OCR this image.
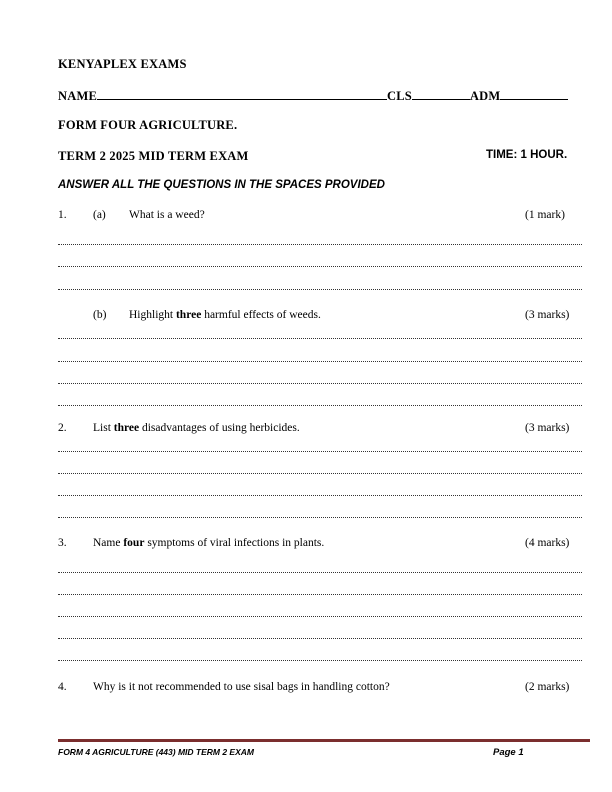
KENYAPLEX EXAMS
NAME	CLS	ADM
FORM FOUR AGRICULTURE.
TERM 2 2025 MID TERM EXAM	TIME: 1 HOUR.
ANSWER ALL THE QUESTIONS IN THE SPACES PROVIDED
1. (a) What is a weed?	(1 mark)
(b) Highlight three harmful effects of weeds.	(3 marks)
2. List three disadvantages of using herbicides.	(3 marks)
3. Name four symptoms of viral infections in plants.	(4 marks)
4. Why is it not recommended to use sisal bags in handling cotton?	(2 marks)
FORM 4 AGRICULTURE (443) MID TERM 2 EXAM	Page 1
